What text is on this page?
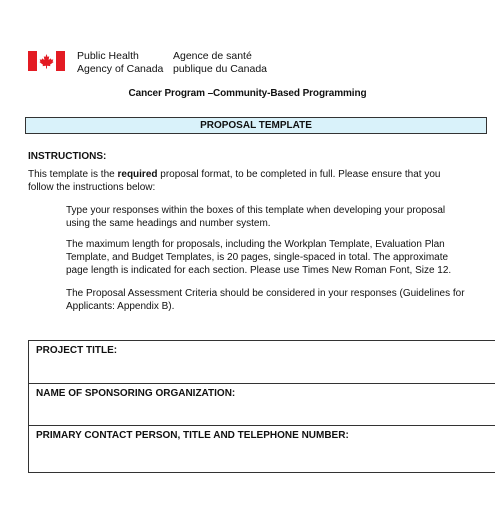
Public Health
Agency of Canada
Agence de santé
publique du Canada
Cancer Program –Community-Based Programming
PROPOSAL TEMPLATE
INSTRUCTIONS:
This template is the required proposal format, to be completed in full. Please ensure that you follow the instructions below:
Type your responses within the boxes of this template when developing your proposal using the same headings and number system.
The maximum length for proposals, including the Workplan Template, Evaluation Plan Template, and Budget Templates, is 20 pages, single-spaced in total. The approximate page length is indicated for each section. Please use Times New Roman Font, Size 12.
The Proposal Assessment Criteria should be considered in your responses (Guidelines for Applicants: Appendix B).
PROJECT TITLE:
NAME OF SPONSORING ORGANIZATION:
PRIMARY CONTACT PERSON, TITLE AND TELEPHONE NUMBER:
